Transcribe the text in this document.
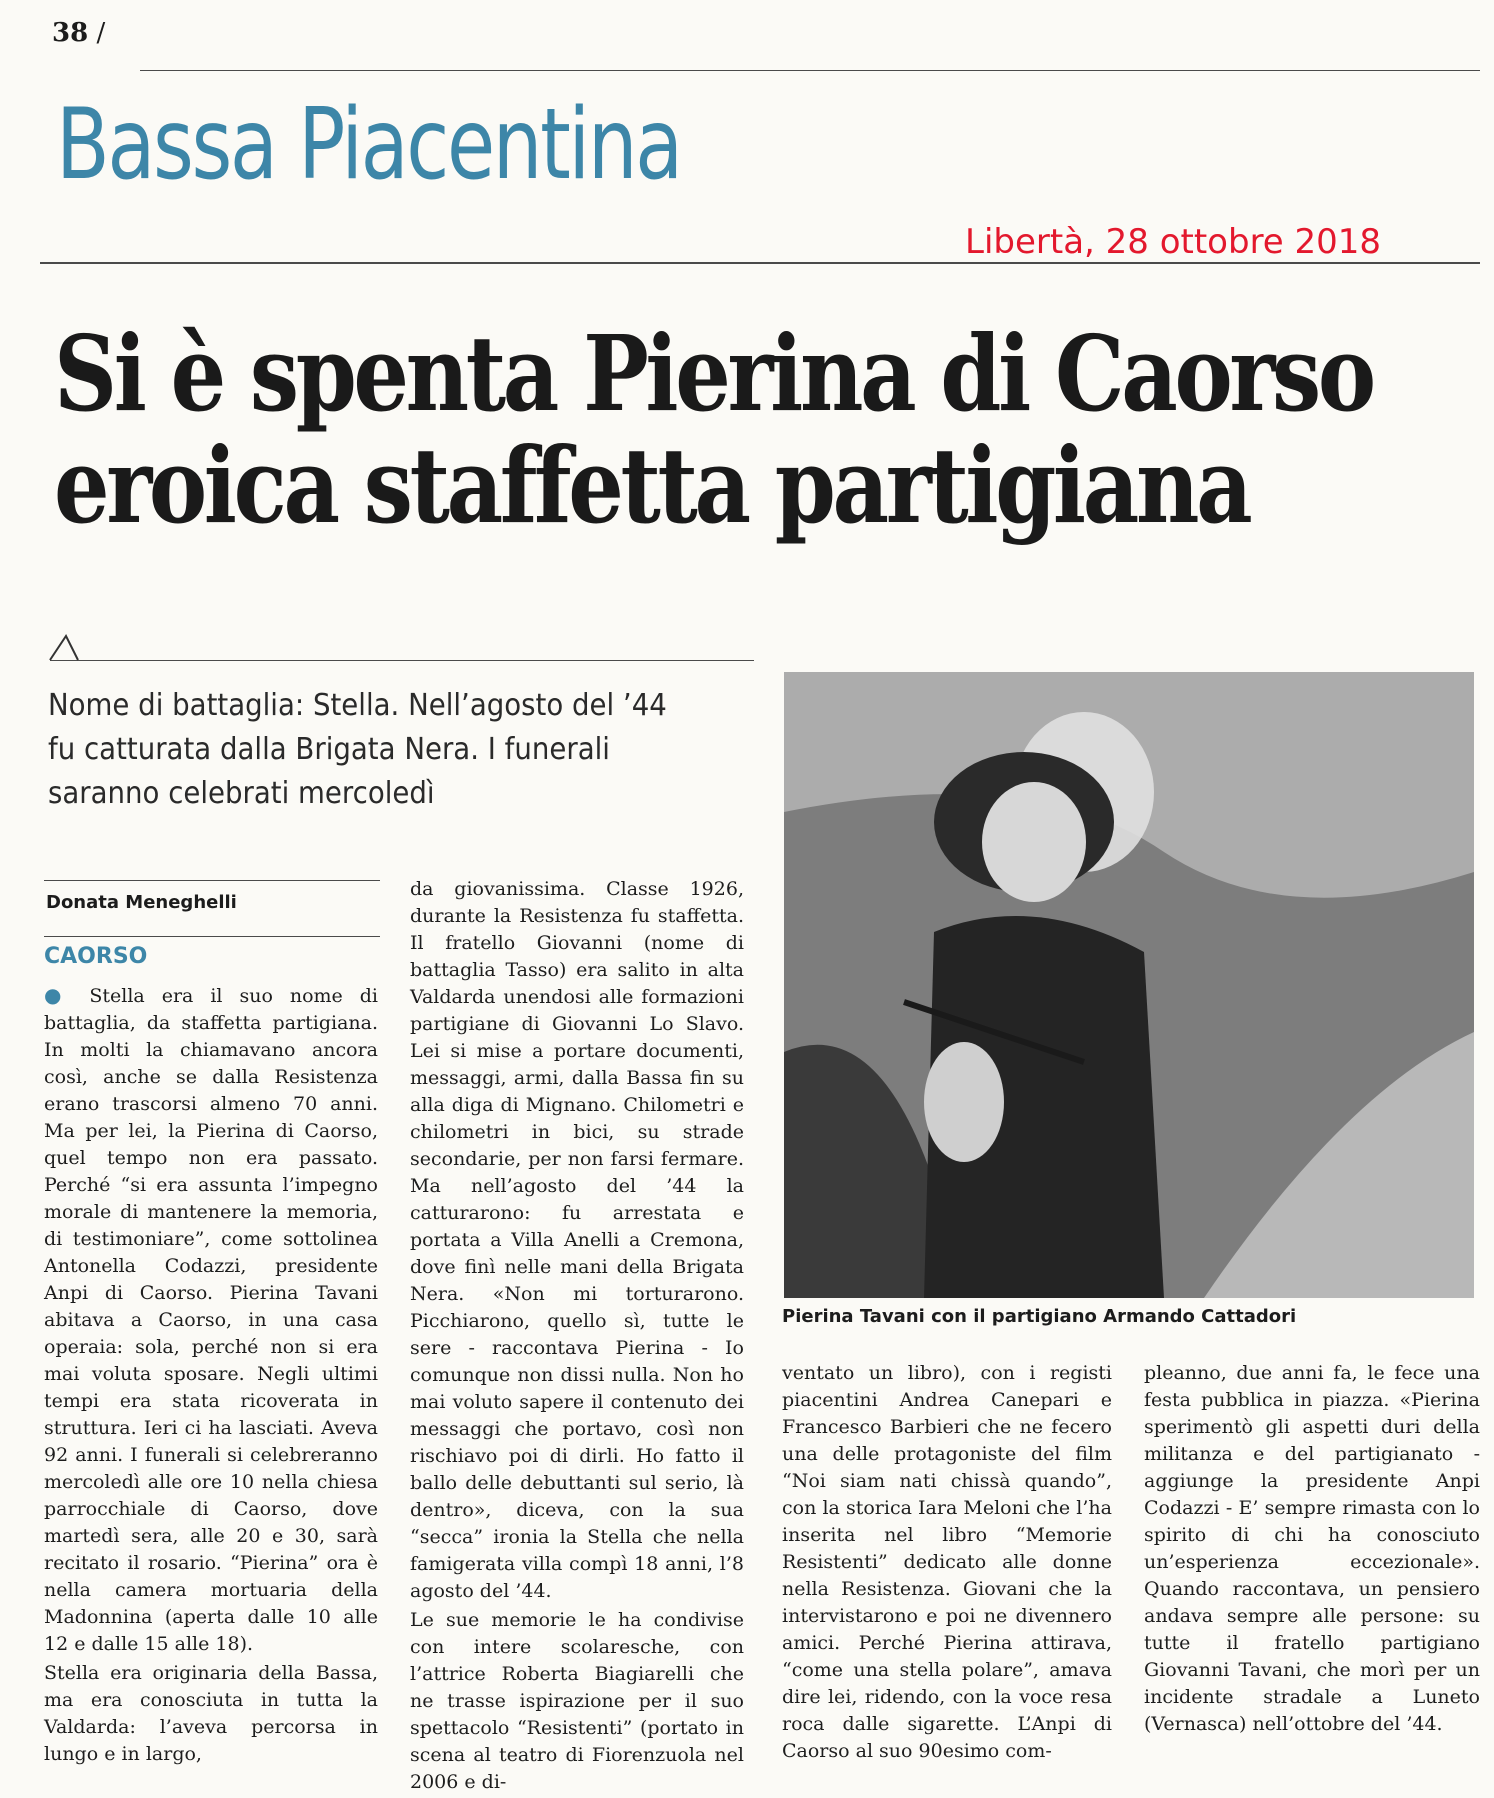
38 /
Bassa Piacentina
Libertà, 28 ottobre 2018
Si è spenta Pierina di Caorso
eroica staffetta partigiana
Nome di battaglia: Stella. Nell’agosto del ’44 fu catturata dalla Brigata Nera. I funerali saranno celebrati mercoledì
Donata Meneghelli
CAORSO

● Stella era il suo nome di battaglia, da staffetta partigiana. In molti la chiamavano ancora così, anche se dalla Resistenza erano trascorsi almeno 70 anni. Ma per lei, la Pierina di Caorso, quel tempo non era passato. Perché “si era assunta l’impegno morale di mantenere la memoria, di testimoniare”, come sottolinea Antonella Codazzi, presidente Anpi di Caorso. Pierina Tavani abitava a Caorso, in una casa operaia: sola, perché non si era mai voluta sposare. Negli ultimi tempi era stata ricoverata in struttura. Ieri ci ha lasciati. Aveva 92 anni. I funerali si celebreranno mercoledì alle ore 10 nella chiesa parrocchiale di Caorso, dove martedì sera, alle 20 e 30, sarà recitato il rosario. “Pierina” ora è nella camera mortuaria della Madonnina (aperta dalle 10 alle 12 e dalle 15 alle 18).

Stella era originaria della Bassa, ma era conosciuta in tutta la Valdarda: l’aveva percorsa in lungo e in largo,

da giovanissima. Classe 1926, durante la Resistenza fu staffetta. Il fratello Giovanni (nome di battaglia Tasso) era salito in alta Valdarda unendosi alle formazioni partigiane di Giovanni Lo Slavo. Lei si mise a portare documenti, messaggi, armi, dalla Bassa fin su alla diga di Mignano. Chilometri e chilometri in bici, su strade secondarie, per non farsi fermare. Ma nell’agosto del ’44 la catturarono: fu arrestata e portata a Villa Anelli a Cremona, dove finì nelle mani della Brigata Nera. «Non mi torturarono. Picchiarono, quello sì, tutte le sere - raccontava Pierina - Io comunque non dissi nulla. Non ho mai voluto sapere il contenuto dei messaggi che portavo, così non rischiavo poi di dirli. Ho fatto il ballo delle debuttanti sul serio, là dentro», diceva, con la sua “secca” ironia la Stella che nella famigerata villa compì 18 anni, l’8 agosto del ’44.

Le sue memorie le ha condivise con intere scolaresche, con l’attrice Roberta Biagiarelli che ne trasse ispirazione per il suo spettacolo “Resistenti” (portato in scena al teatro di Fiorenzuola nel 2006 e di-

Pierina Tavani con il partigiano Armando Cattadori

ventato un libro), con i registi piacentini Andrea Canepari e Francesco Barbieri che ne fecero una delle protagoniste del film “Noi siam nati chissà quando”, con la storica Iara Meloni che l’ha inserita nel libro “Memorie Resistenti” dedicato alle donne nella Resistenza. Giovani che la intervistarono e poi ne divennero amici. Perché Pierina attirava, “come una stella polare”, amava dire lei, ridendo, con la voce resa roca dalle sigarette. L’Anpi di Caorso al suo 90esimo com-

pleanno, due anni fa, le fece una festa pubblica in piazza. «Pierina sperimentò gli aspetti duri della militanza e del partigianato - aggiunge la presidente Anpi Codazzi - E’ sempre rimasta con lo spirito di chi ha conosciuto un’esperienza eccezionale». Quando raccontava, un pensiero andava sempre alle persone: su tutte il fratello partigiano Giovanni Tavani, che morì per un incidente stradale a Luneto (Vernasca) nell’ottobre del ’44.
